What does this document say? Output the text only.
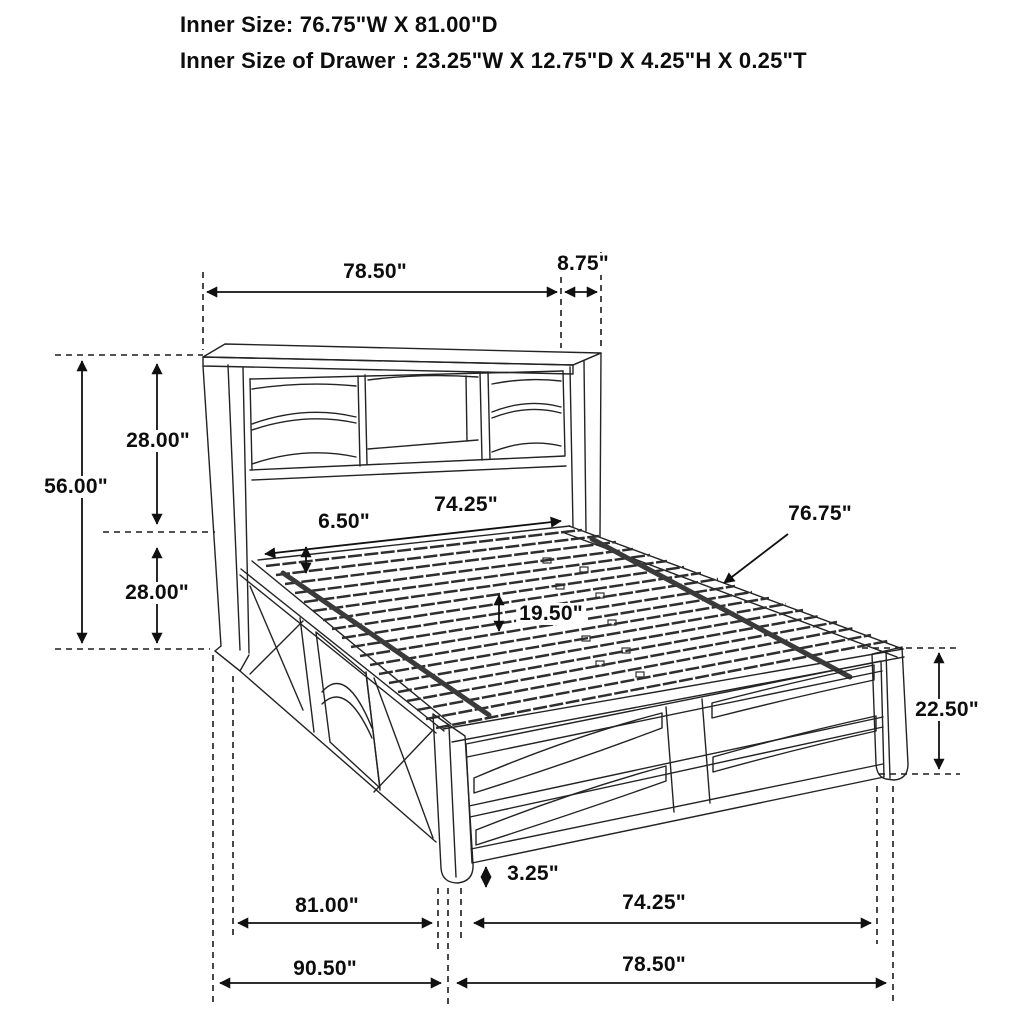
Inner Size: 76.75"W X 81.00"D
Inner Size of Drawer : 23.25"W X 12.75"D X 4.25"H X 0.25"T
78.50"	8.75"
56.00"
28.00"
28.00"
74.25"
6.50"	76.75"
19.50"
22.50"
3.25"
81.00"	74.25"
90.50"	78.50"
